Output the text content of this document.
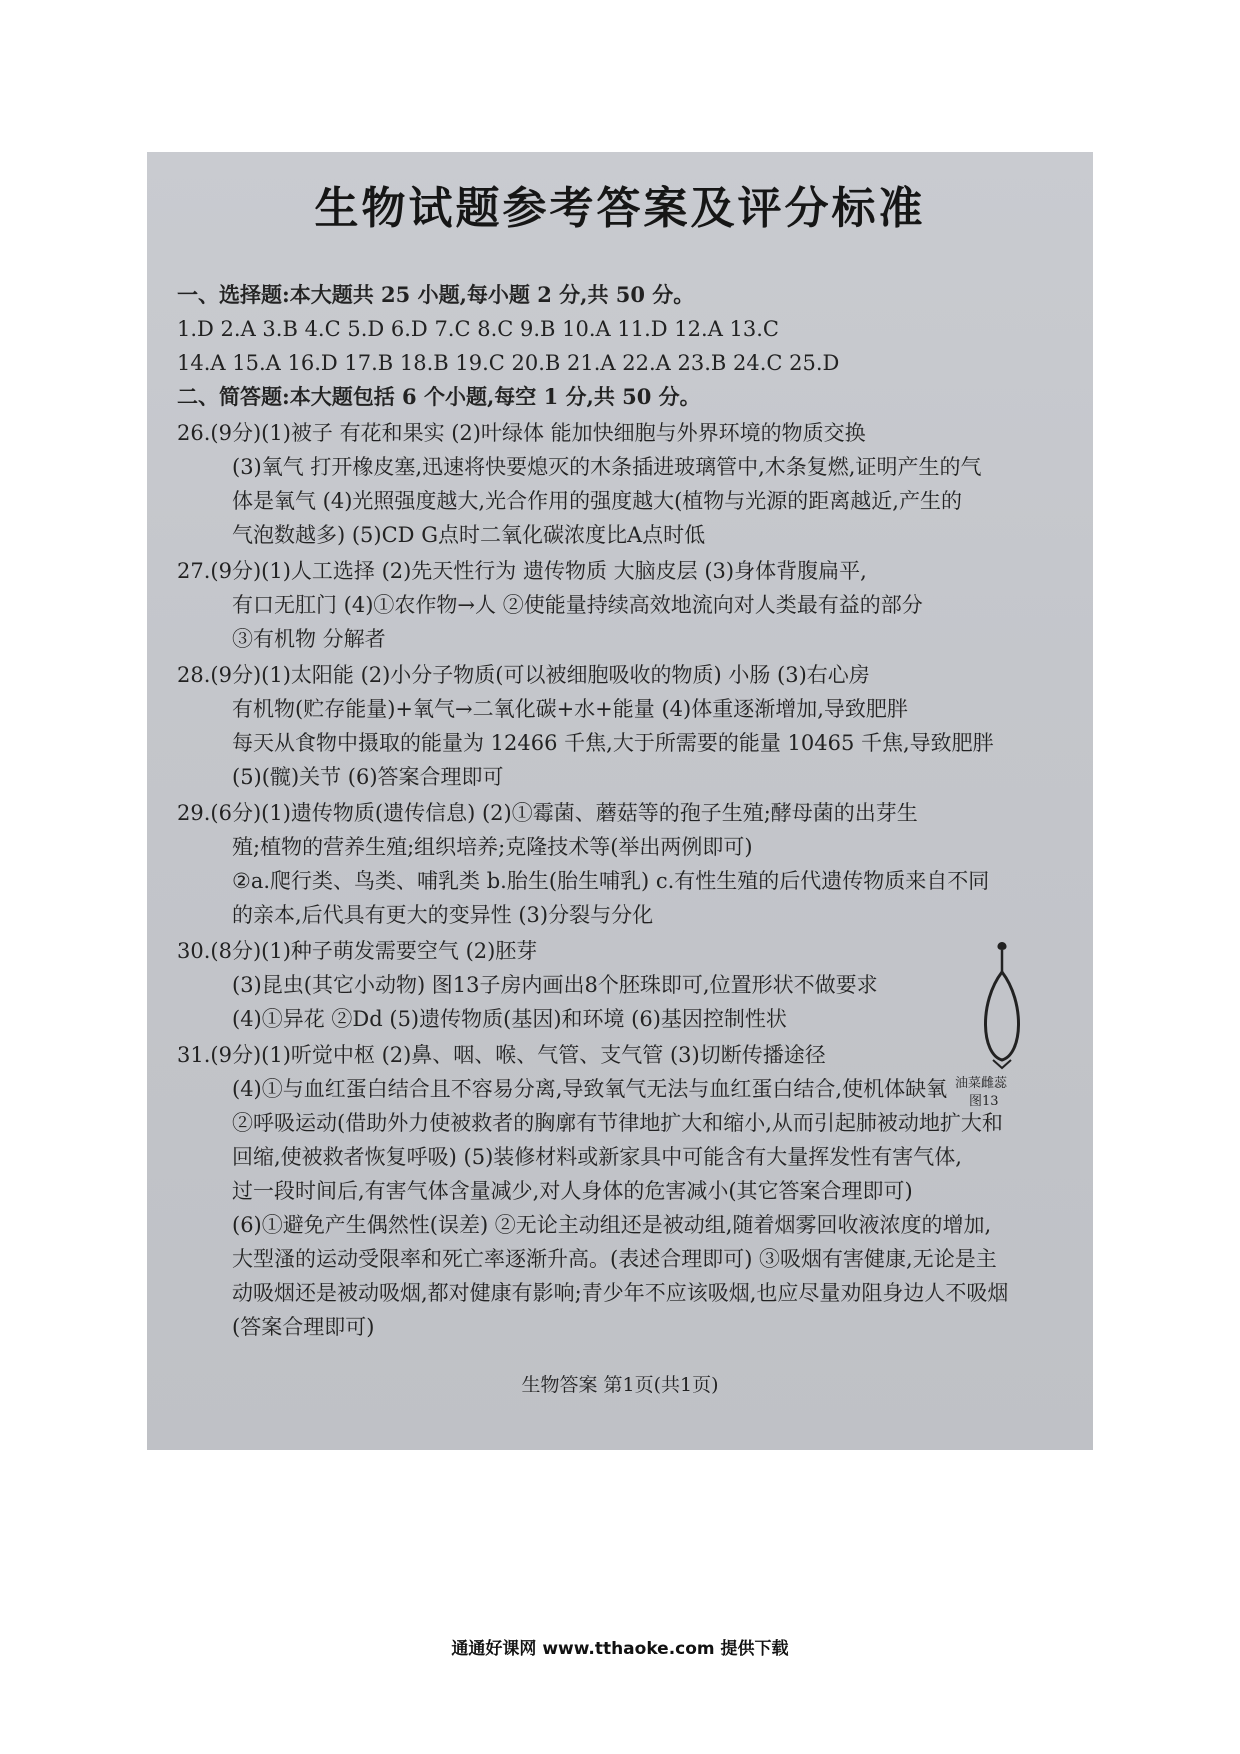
生物试题参考答案及评分标准
一、选择题:本大题共 25 小题,每小题 2 分,共 50 分。
1.D 2.A 3.B 4.C 5.D 6.D 7.C 8.C 9.B 10.A 11.D 12.A 13.C
14.A 15.A 16.D 17.B 18.B 19.C 20.B 21.A 22.A 23.B 24.C 25.D
二、简答题:本大题包括 6 个小题,每空 1 分,共 50 分。
26.(9分)(1)被子 有花和果实 (2)叶绿体 能加快细胞与外界环境的物质交换
(3)氧气 打开橡皮塞,迅速将快要熄灭的木条插进玻璃管中,木条复燃,证明产生的气
体是氧气 (4)光照强度越大,光合作用的强度越大(植物与光源的距离越近,产生的
气泡数越多) (5)CD G点时二氧化碳浓度比A点时低
27.(9分)(1)人工选择 (2)先天性行为 遗传物质 大脑皮层 (3)身体背腹扁平,
有口无肛门 (4)①农作物→人 ②使能量持续高效地流向对人类最有益的部分
③有机物 分解者
28.(9分)(1)太阳能 (2)小分子物质(可以被细胞吸收的物质) 小肠 (3)右心房
有机物(贮存能量)+氧气→二氧化碳+水+能量 (4)体重逐渐增加,导致肥胖
每天从食物中摄取的能量为 12466 千焦,大于所需要的能量 10465 千焦,导致肥胖
(5)(髋)关节 (6)答案合理即可
29.(6分)(1)遗传物质(遗传信息) (2)①霉菌、蘑菇等的孢子生殖;酵母菌的出芽生
殖;植物的营养生殖;组织培养;克隆技术等(举出两例即可)
②a.爬行类、鸟类、哺乳类 b.胎生(胎生哺乳) c.有性生殖的后代遗传物质来自不同
的亲本,后代具有更大的变异性 (3)分裂与分化
30.(8分)(1)种子萌发需要空气 (2)胚芽
(3)昆虫(其它小动物) 图13子房内画出8个胚珠即可,位置形状不做要求
(4)①异花 ②Dd (5)遗传物质(基因)和环境 (6)基因控制性状
油菜雌蕊
图13
31.(9分)(1)听觉中枢 (2)鼻、咽、喉、气管、支气管 (3)切断传播途径
(4)①与血红蛋白结合且不容易分离,导致氧气无法与血红蛋白结合,使机体缺氧
②呼吸运动(借助外力使被救者的胸廓有节律地扩大和缩小,从而引起肺被动地扩大和
回缩,使被救者恢复呼吸) (5)装修材料或新家具中可能含有大量挥发性有害气体,
过一段时间后,有害气体含量减少,对人身体的危害减小(其它答案合理即可)
(6)①避免产生偶然性(误差) ②无论主动组还是被动组,随着烟雾回收液浓度的增加,
大型溞的运动受限率和死亡率逐渐升高。(表述合理即可) ③吸烟有害健康,无论是主
动吸烟还是被动吸烟,都对健康有影响;青少年不应该吸烟,也应尽量劝阻身边人不吸烟
(答案合理即可)
生物答案 第1页(共1页)
通通好课网 www.tthaoke.com 提供下载
